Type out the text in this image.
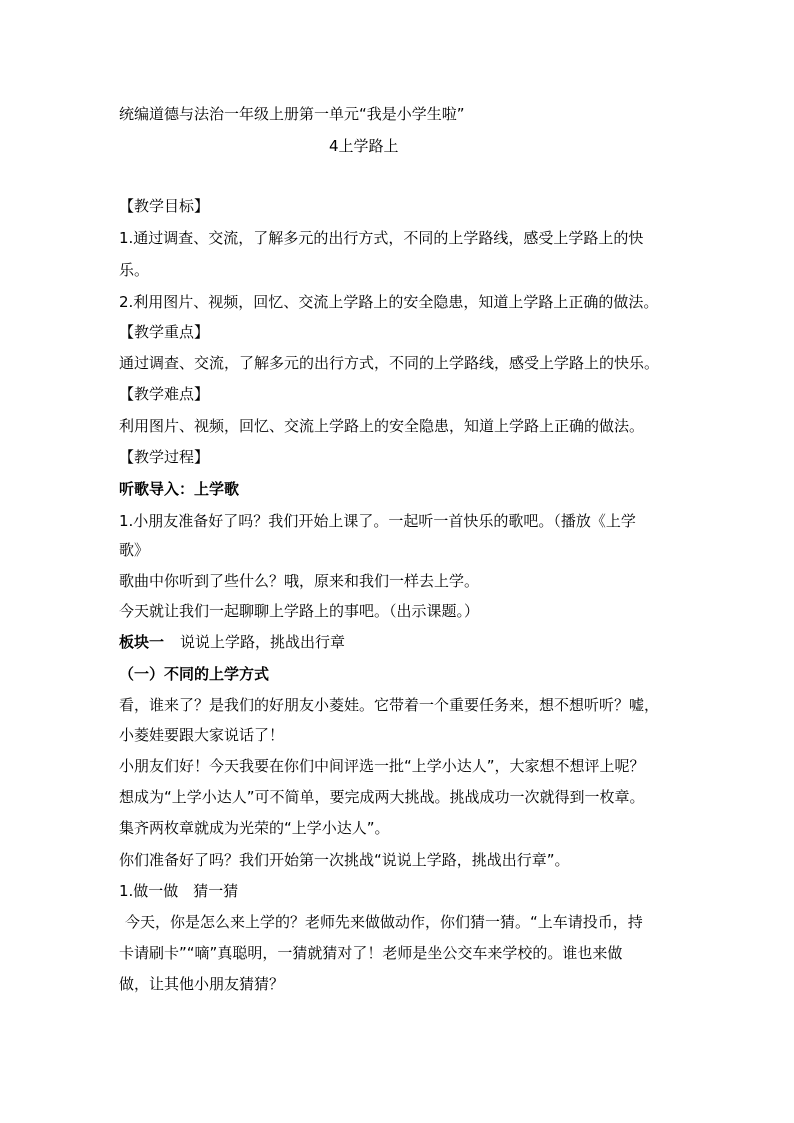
统编道德与法治一年级上册第一单元“我是小学生啦”
4上学路上
【教学目标】
1.通过调查、交流，了解多元的出行方式，不同的上学路线，感受上学路上的快
乐。
2.利用图片、视频，回忆、交流上学路上的安全隐患，知道上学路上正确的做法。
【教学重点】
通过调查、交流，了解多元的出行方式，不同的上学路线，感受上学路上的快乐。
【教学难点】
利用图片、视频，回忆、交流上学路上的安全隐患，知道上学路上正确的做法。
【教学过程】
听歌导入：上学歌
1.小朋友准备好了吗？我们开始上课了。一起听一首快乐的歌吧。（播放《上学
歌》
歌曲中你听到了些什么？哦，原来和我们一样去上学。
今天就让我们一起聊聊上学路上的事吧。（出示课题。）
板块一 说说上学路，挑战出行章
（一）不同的上学方式
看，谁来了？是我们的好朋友小菱娃。它带着一个重要任务来，想不想听听？嘘，
小菱娃要跟大家说话了！
小朋友们好！今天我要在你们中间评选一批“上学小达人”，大家想不想评上呢？
想成为“上学小达人”可不简单，要完成两大挑战。挑战成功一次就得到一枚章。
集齐两枚章就成为光荣的“上学小达人”。
你们准备好了吗？我们开始第一次挑战“说说上学路，挑战出行章”。
1.做一做　猜一猜
今天，你是怎么来上学的？老师先来做做动作，你们猜一猜。“上车请投币，持
卡请刷卡”“嘀”真聪明，一猜就猜对了！老师是坐公交车来学校的。谁也来做
做，让其他小朋友猜猜？
